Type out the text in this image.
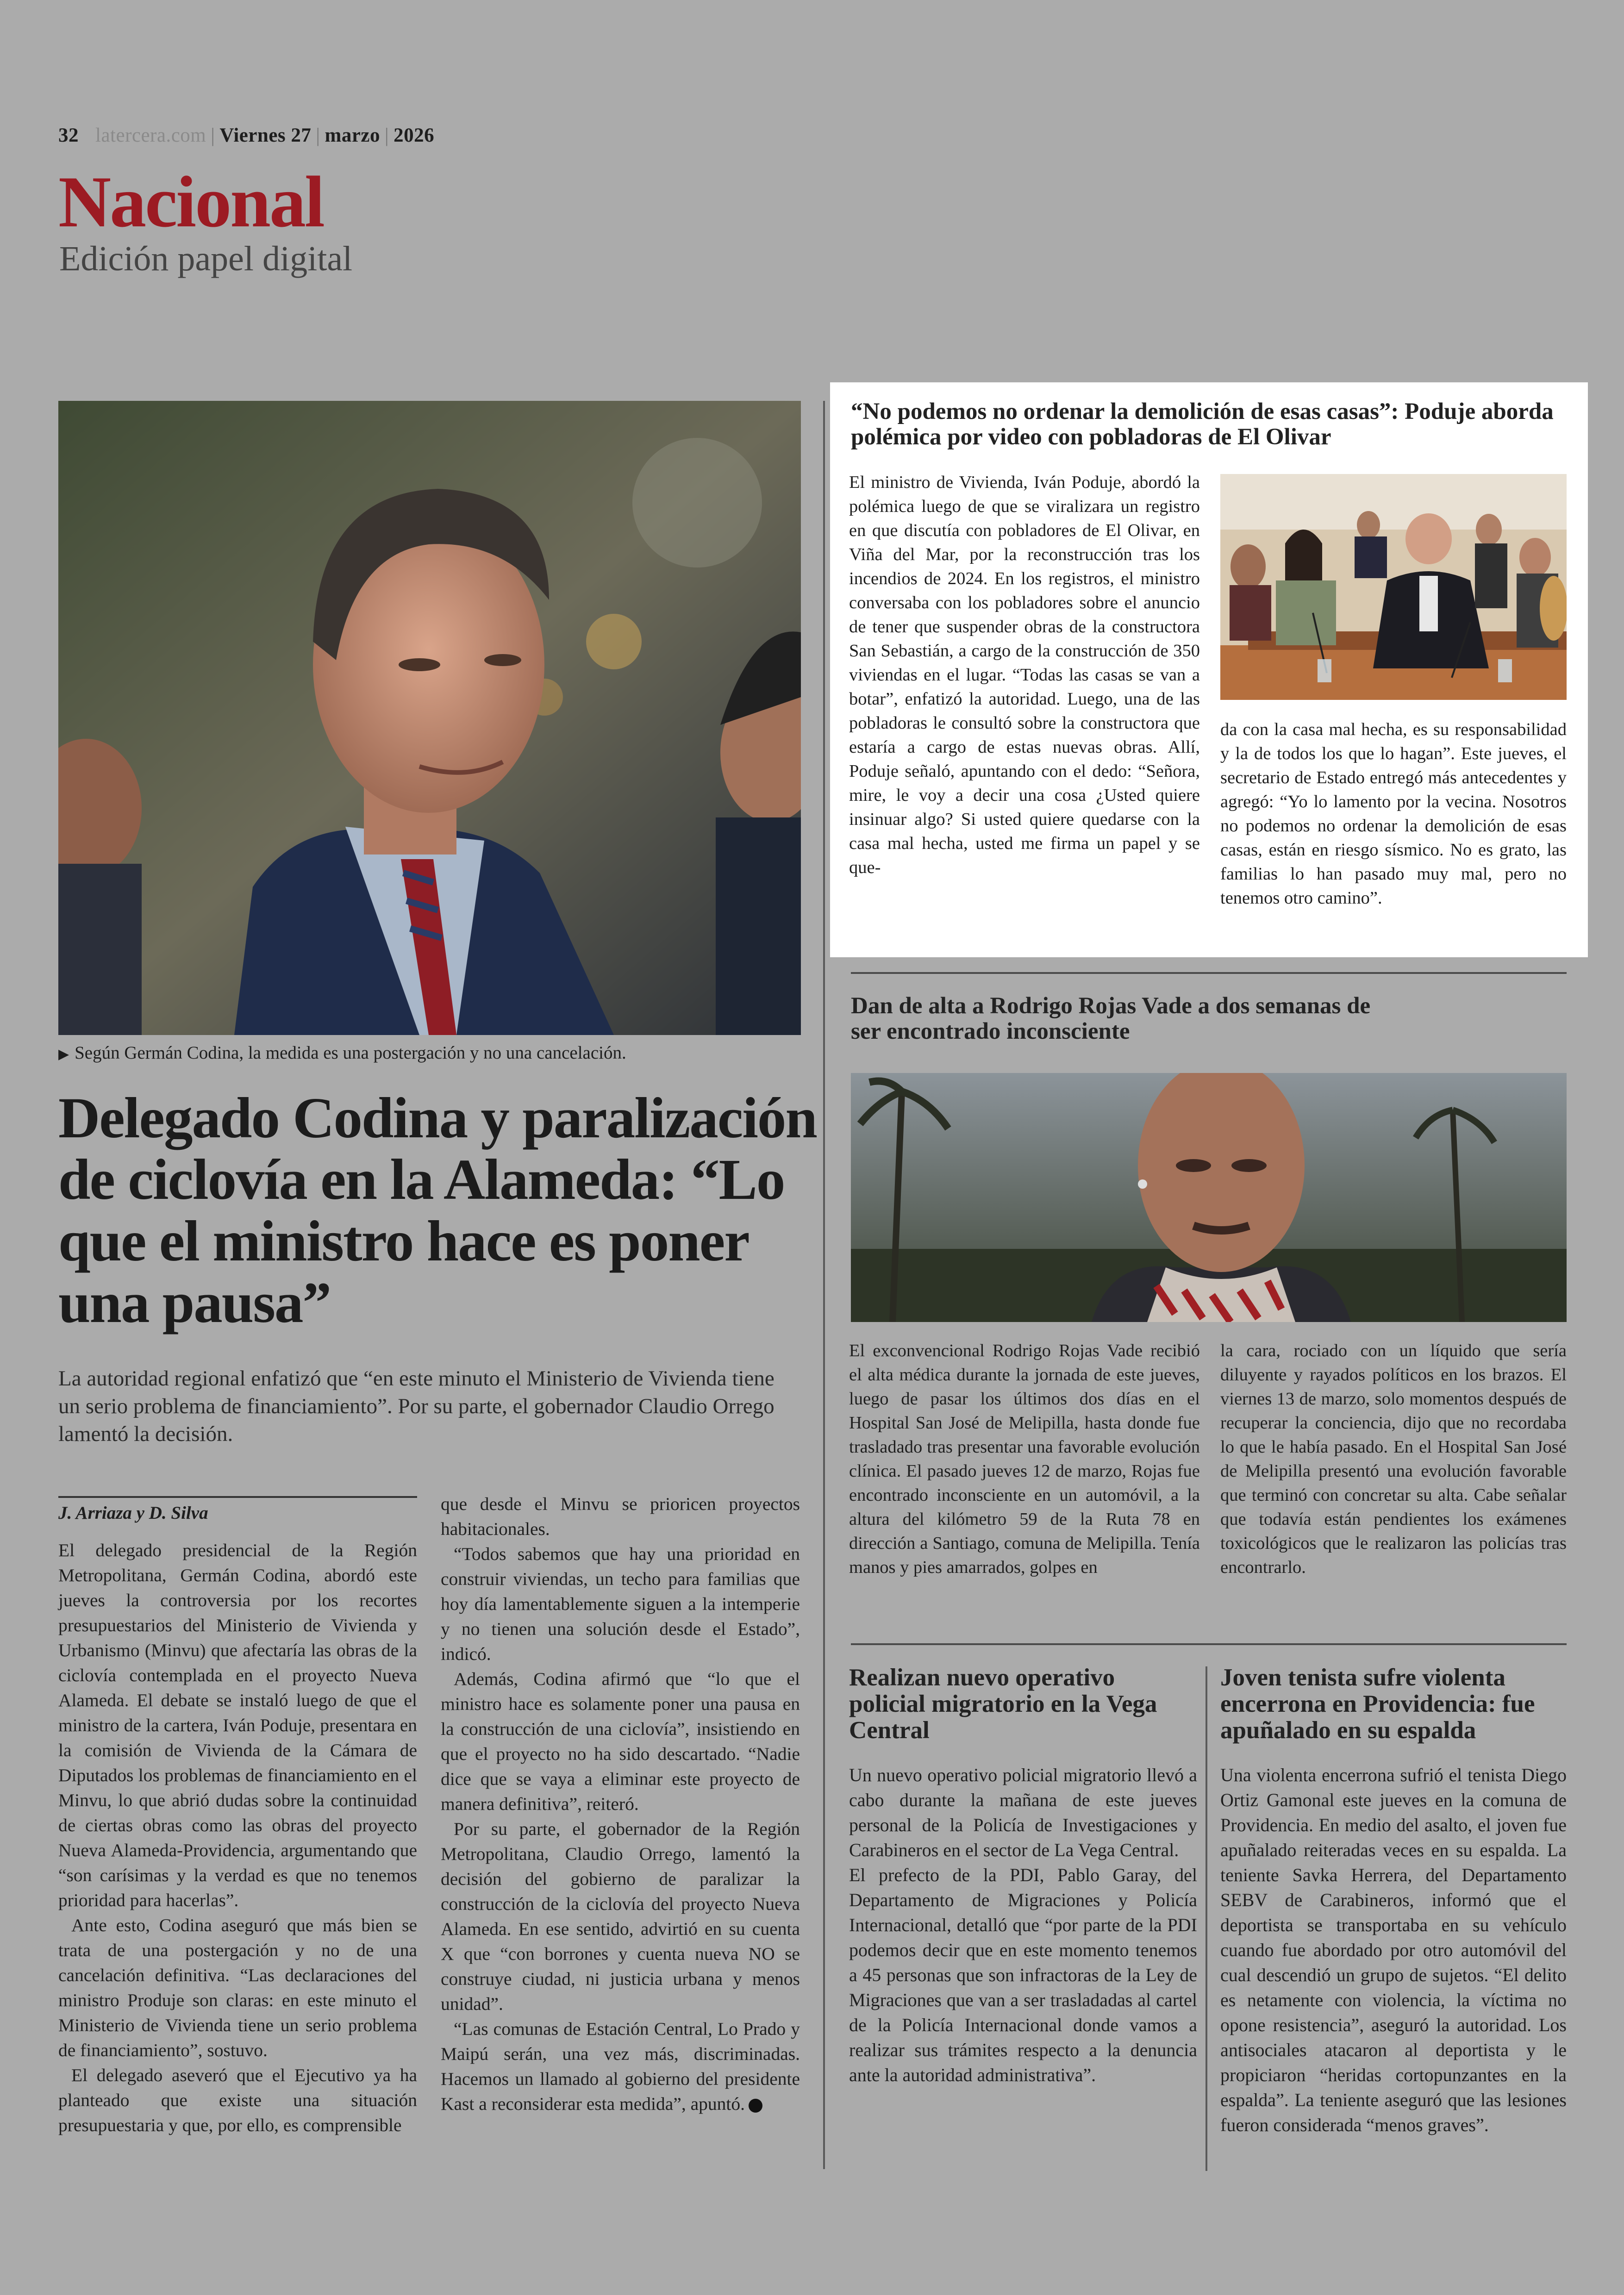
32 latercera.com | Viernes 27 | marzo | 2026
Nacional
Edición papel digital
▶ Según Germán Codina, la medida es una postergación y no una cancelación.
Delegado Codina y paralización de ciclovía en la Alameda: “Lo que el ministro hace es poner una pausa”
La autoridad regional enfatizó que “en este minuto el Ministerio de Vivienda tiene un serio problema de financiamiento”. Por su parte, el gobernador Claudio Orrego lamentó la decisión.
J. Arriaza y D. Silva

El delegado presidencial de la Región Metropolitana, Germán Codina, abordó este jueves la controversia por los recortes presupuestarios del Ministerio de Vivienda y Urbanismo (Minvu) que afectaría las obras de la ciclovía contemplada en el proyecto Nueva Alameda. El debate se instaló luego de que el ministro de la cartera, Iván Poduje, presentara en la comisión de Vivienda de la Cámara de Diputados los problemas de financiamiento en el Minvu, lo que abrió dudas sobre la continuidad de ciertas obras como las obras del proyecto Nueva Alameda-Providencia, argumentando que “son carísimas y la verdad es que no tenemos prioridad para hacerlas”.

Ante esto, Codina aseguró que más bien se trata de una postergación y no de una cancelación definitiva. “Las declaraciones del ministro Produje son claras: en este minuto el Ministerio de Vivienda tiene un serio problema de financiamiento”, sostuvo.

El delegado aseveró que el Ejecutivo ya ha planteado que existe una situación presupuestaria y que, por ello, es comprensible

que desde el Minvu se prioricen proyectos habitacionales.

“Todos sabemos que hay una prioridad en construir viviendas, un techo para familias que hoy día lamentablemente siguen a la intemperie y no tienen una solución desde el Estado”, indicó.

Además, Codina afirmó que “lo que el ministro hace es solamente poner una pausa en la construcción de una ciclovía”, insistiendo en que el proyecto no ha sido descartado. “Nadie dice que se vaya a eliminar este proyecto de manera definitiva”, reiteró.

Por su parte, el gobernador de la Región Metropolitana, Claudio Orrego, lamentó la decisión del gobierno de paralizar la construcción de la ciclovía del proyecto Nueva Alameda. En ese sentido, advirtió en su cuenta X que “con borrones y cuenta nueva NO se construye ciudad, ni justicia urbana y menos unidad”.

“Las comunas de Estación Central, Lo Prado y Maipú serán, una vez más, discriminadas. Hacemos un llamado al gobierno del presidente Kast a reconsiderar esta medida”, apuntó.

“No podemos no ordenar la demolición de esas casas”: Poduje aborda polémica por video con pobladoras de El Olivar

El ministro de Vivienda, Iván Poduje, abordó la polémica luego de que se viralizara un registro en que discutía con pobladores de El Olivar, en Viña del Mar, por la reconstrucción tras los incendios de 2024. En los registros, el ministro conversaba con los pobladores sobre el anuncio de tener que suspender obras de la constructora San Sebastián, a cargo de la construcción de 350 viviendas en el lugar. “Todas las casas se van a botar”, enfatizó la autoridad. Luego, una de las pobladoras le consultó sobre la constructora que estaría a cargo de estas nuevas obras. Allí, Poduje señaló, apuntando con el dedo: “Señora, mire, le voy a decir una cosa ¿Usted quiere insinuar algo? Si usted quiere quedarse con la casa mal hecha, usted me firma un papel y se que-

da con la casa mal hecha, es su responsabilidad y la de todos los que lo hagan”. Este jueves, el secretario de Estado entregó más antecedentes y agregó: “Yo lo lamento por la vecina. Nosotros no podemos no ordenar la demolición de esas casas, están en riesgo sísmico. No es grato, las familias lo han pasado muy mal, pero no tenemos otro camino”.

Dan de alta a Rodrigo Rojas Vade a dos semanas de ser encontrado inconsciente

El exconvencional Rodrigo Rojas Vade recibió el alta médica durante la jornada de este jueves, luego de pasar los últimos dos días en el Hospital San José de Melipilla, hasta donde fue trasladado tras presentar una favorable evolución clínica. El pasado jueves 12 de marzo, Rojas fue encontrado inconsciente en un automóvil, a la altura del kilómetro 59 de la Ruta 78 en dirección a Santiago, comuna de Melipilla. Tenía manos y pies amarrados, golpes en

la cara, rociado con un líquido que sería diluyente y rayados políticos en los brazos. El viernes 13 de marzo, solo momentos después de recuperar la conciencia, dijo que no recordaba lo que le había pasado. En el Hospital San José de Melipilla presentó una evolución favorable que terminó con concretar su alta. Cabe señalar que todavía están pendientes los exámenes toxicológicos que le realizaron las policías tras encontrarlo.

Realizan nuevo operativo policial migratorio en la Vega Central

Un nuevo operativo policial migratorio llevó a cabo durante la mañana de este jueves personal de la Policía de Investigaciones y Carabineros en el sector de La Vega Central.

El prefecto de la PDI, Pablo Garay, del Departamento de Migraciones y Policía Internacional, detalló que “por parte de la PDI podemos decir que en este momento tenemos a 45 personas que son infractoras de la Ley de Migraciones que van a ser trasladadas al cartel de la Policía Internacional donde vamos a realizar sus trámites respecto a la denuncia ante la autoridad administrativa”.

Joven tenista sufre violenta encerrona en Providencia: fue apuñalado en su espalda

Una violenta encerrona sufrió el tenista Diego Ortiz Gamonal este jueves en la comuna de Providencia. En medio del asalto, el joven fue apuñalado reiteradas veces en su espalda. La teniente Savka Herrera, del Departamento SEBV de Carabineros, informó que el deportista se transportaba en su vehículo cuando fue abordado por otro automóvil del cual descendió un grupo de sujetos. “El delito es netamente con violencia, la víctima no opone resistencia”, aseguró la autoridad. Los antisociales atacaron al deportista y le propiciaron “heridas cortopunzantes en la espalda”. La teniente aseguró que las lesiones fueron considerada “menos graves”.
